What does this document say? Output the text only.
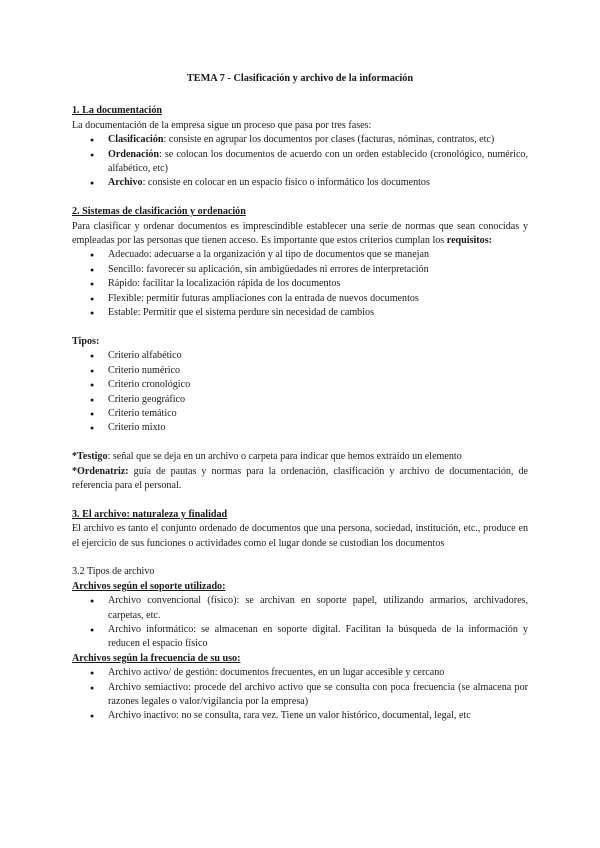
TEMA 7 - Clasificación y archivo de la información

1. La documentación

La documentación de la empresa sigue un proceso que pasa por tres fases:

● Clasificación: consiste en agrupar los documentos por clases (facturas, nóminas, contratos, etc)
● Ordenación: se colocan los documentos de acuerdo con un orden establecido (cronológico, numérico, alfabético, etc)
● Archivo: consiste en colocar en un espacio físico o informático los documentos

2. Sistemas de clasificación y ordenación

Para clasificar y ordenar documentos es imprescindible establecer una serie de normas que sean conocidas y empleadas por las personas que tienen acceso. Es importante que estos criterios cumplan los requisitos:

● Adecuado: adecuarse a la organización y al tipo de documentos que se manejan
● Sencillo: favorecer su aplicación, sin ambigüedades ni errores de interpretación
● Rápido: facilitar la localización rápida de los documentos
● Flexible: permitir futuras ampliaciones con la entrada de nuevos documentos
● Estable: Permitir que el sistema perdure sin necesidad de cambios

Tipos:

● Criterio alfabético
● Criterio numérico
● Criterio cronológico
● Criterio geográfico
● Criterio temático
● Criterio mixto

*Testigo: señal que se deja en un archivo o carpeta para indicar que hemos extraído un elemento

*Ordenatriz: guía de pautas y normas para la ordenación, clasificación y archivo de documentación, de referencia para el personal.

3. El archivo: naturaleza y finalidad

El archivo es tanto el conjunto ordenado de documentos que una persona, sociedad, institución, etc., produce en el ejercicio de sus funciones o actividades como el lugar donde se custodian los documentos

3.2 Tipos de archivo

Archivos según el soporte utilizado:

● Archivo convencional (físico): se archivan en soporte papel, utilizando armarios, archivadores, carpetas, etc.
● Archivo informático: se almacenan en soporte digital. Facilitan la búsqueda de la información y reducen el espacio físico

Archivos según la frecuencia de su uso:

● Archivo activo/ de gestión: documentos frecuentes, en un lugar accesible y cercano
● Archivo semiactivo: procede del archivo activo que se consulta con poca frecuencia (se almacena por razones legales o valor/vigilancia por la empresa)
● Archivo inactivo: no se consulta, rara vez. Tiene un valor histórico, documental, legal, etc
